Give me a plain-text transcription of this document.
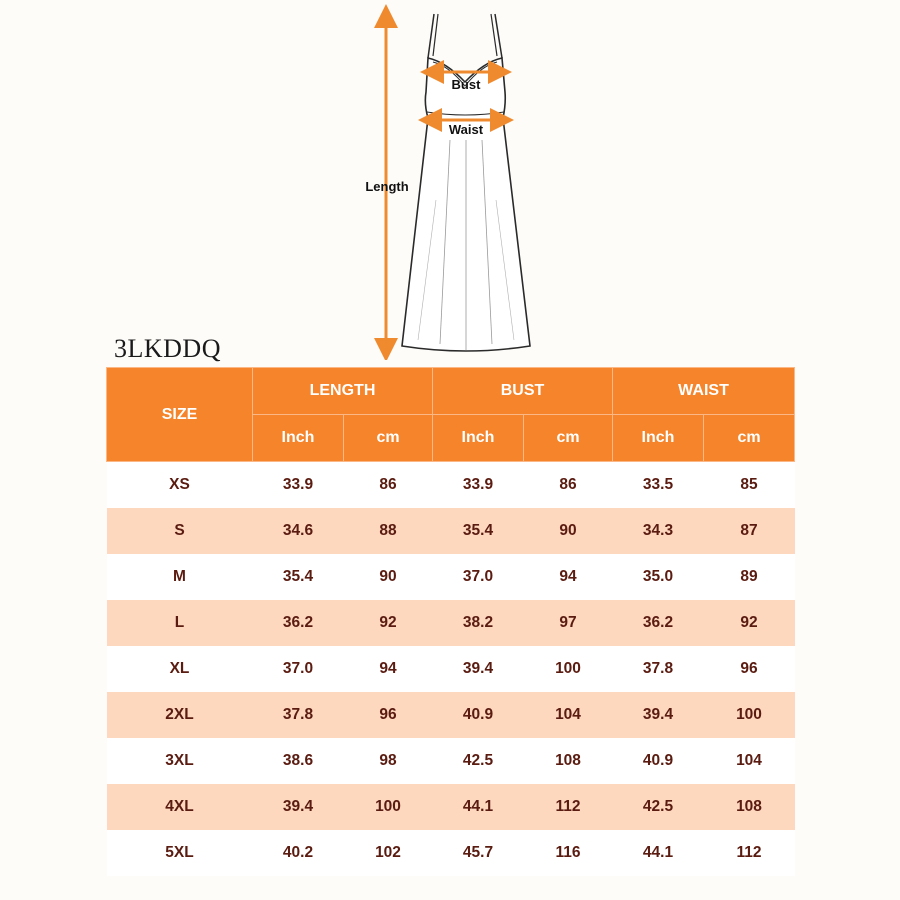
Bust
Waist
Length
3LKDDQ
SIZE	LENGTH		BUST		WAIST	
	Inch	cm	Inch	cm	Inch	cm
XS	33.9	86	33.9	86	33.5	85
S	34.6	88	35.4	90	34.3	87
M	35.4	90	37.0	94	35.0	89
L	36.2	92	38.2	97	36.2	92
XL	37.0	94	39.4	100	37.8	96
2XL	37.8	96	40.9	104	39.4	100
3XL	38.6	98	42.5	108	40.9	104
4XL	39.4	100	44.1	112	42.5	108
5XL	40.2	102	45.7	116	44.1	112
